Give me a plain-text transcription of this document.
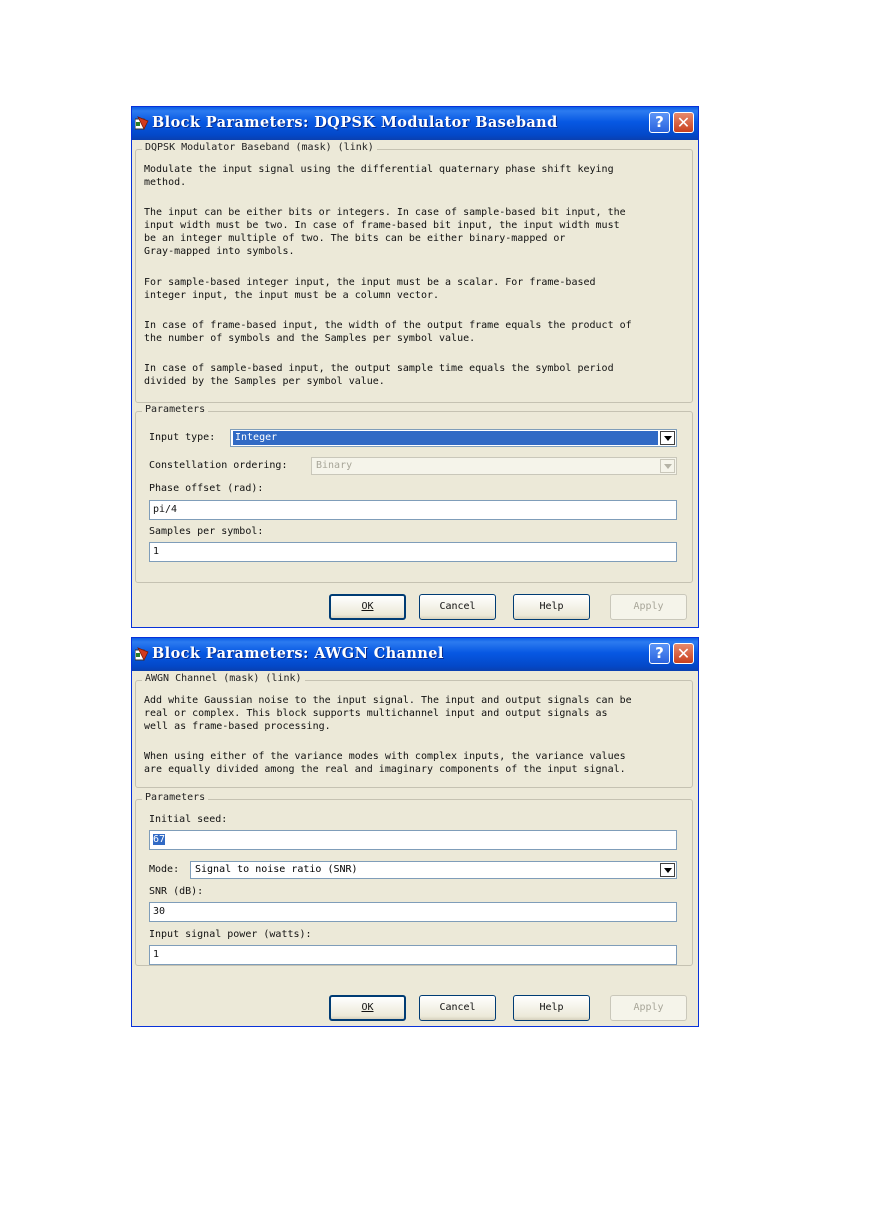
Block Parameters: DQPSK Modulator Baseband	? ✕
DQPSK Modulator Baseband (mask) (link)

Modulate the input signal using the differential quaternary phase shift keying
method.

The input can be either bits or integers. In case of sample-based bit input, the
input width must be two. In case of frame-based bit input, the input width must
be an integer multiple of two. The bits can be either binary-mapped or
Gray-mapped into symbols.

For sample-based integer input, the input must be a scalar. For frame-based
integer input, the input must be a column vector.

In case of frame-based input, the width of the output frame equals the product of
the number of symbols and the Samples per symbol value.

In case of sample-based input, the output sample time equals the symbol period
divided by the Samples per symbol value.

Parameters
Input type: Integer
Constellation ordering:	Binary
Phase offset (rad):
pi/4
Samples per symbol:
1
OK	Cancel	Help	Apply
Block Parameters: AWGN Channel	? ✕
AWGN Channel (mask) (link)

Add white Gaussian noise to the input signal. The input and output signals can be
real or complex. This block supports multichannel input and output signals as
well as frame-based processing.

When using either of the variance modes with complex inputs, the variance values
are equally divided among the real and imaginary components of the input signal.

Parameters
Initial seed:
67
Mode: Signal to noise ratio (SNR)
SNR (dB):
30
Input signal power (watts):
1
OK	Cancel	Help	Apply
